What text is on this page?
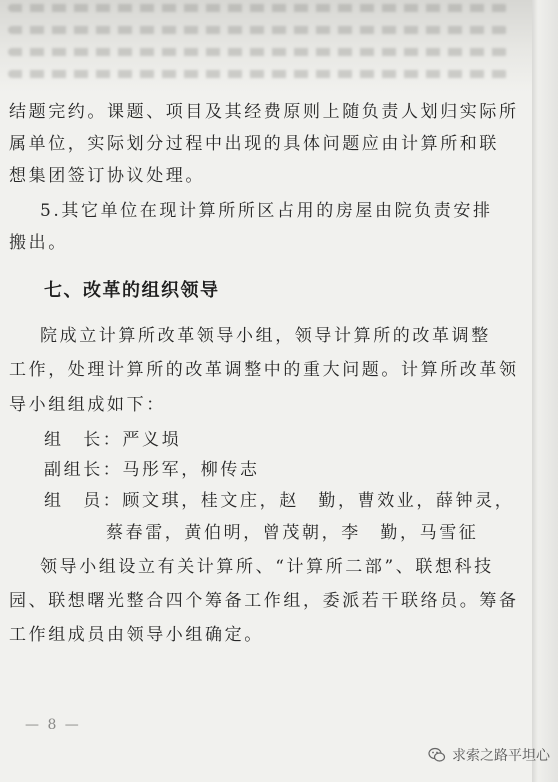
结题完约。课题、项目及其经费原则上随负责人划归实际所
属单位，实际划分过程中出现的具体问题应由计算所和联
想集团签订协议处理。
5.其它单位在现计算所所区占用的房屋由院负责安排
搬出。
七、改革的组织领导
院成立计算所改革领导小组，领导计算所的改革调整
工作，处理计算所的改革调整中的重大问题。计算所改革领
导小组组成如下：
组　长：严义埙
副组长：马彤军，柳传志
组　员：顾文琪，桂文庄，赵　勤，曹效业，薛钟灵，
蔡春雷，黄伯明，曾茂朝，李　勤，马雪征
领导小组设立有关计算所、“计算所二部”、联想科技
园、联想曙光整合四个筹备工作组，委派若干联络员。筹备
工作组成员由领导小组确定。
— 8 —
求索之路平坦心
